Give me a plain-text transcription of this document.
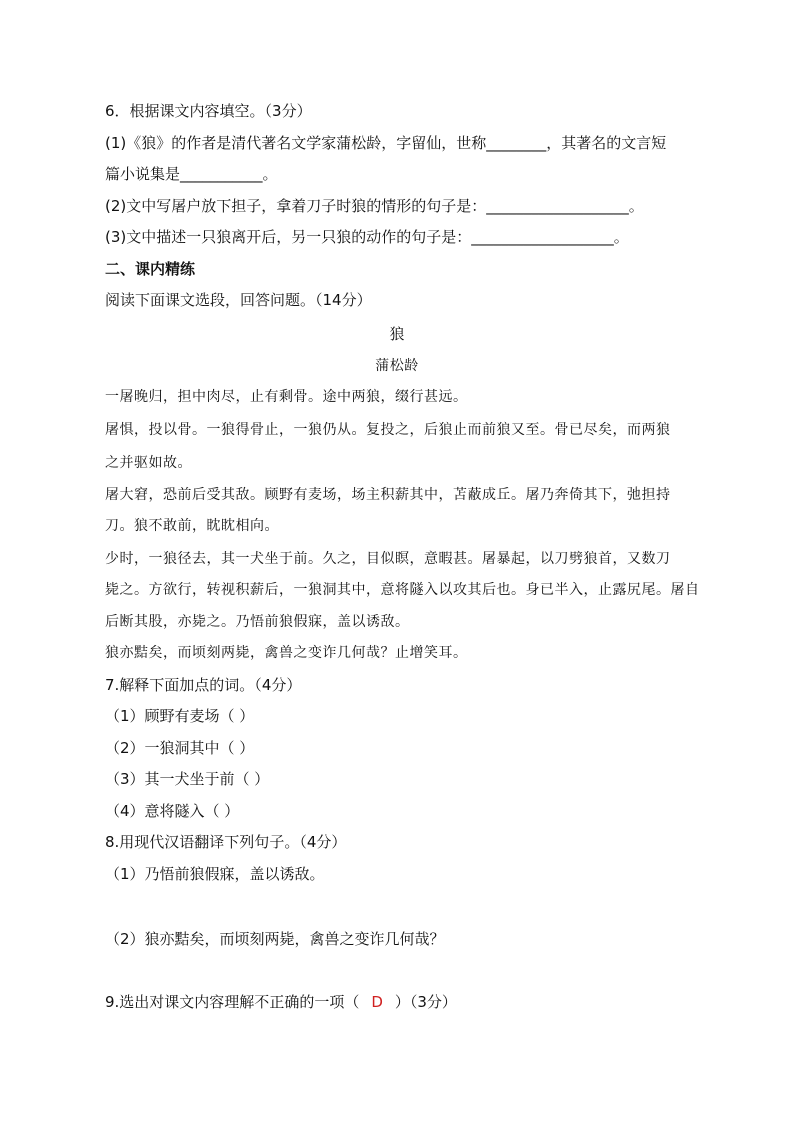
6．根据课文内容填空。（3分）
(1)《狼》的作者是清代著名文学家蒲松龄，字留仙，世称________，其著名的文言短
篇小说集是___________。
(2)文中写屠户放下担子，拿着刀子时狼的情形的句子是：___________________。
(3)文中描述一只狼离开后，另一只狼的动作的句子是：___________________。
二、课内精练
阅读下面课文选段，回答问题。（14分）
狼
蒲松龄
一屠晚归，担中肉尽，止有剩骨。途中两狼，缀行甚远。
屠惧，投以骨。一狼得骨止，一狼仍从。复投之，后狼止而前狼又至。骨已尽矣，而两狼
之并驱如故。
屠大窘，恐前后受其敌。顾野有麦场，场主积薪其中，苫蔽成丘。屠乃奔倚其下，弛担持
刀。狼不敢前，眈眈相向。
少时，一狼径去，其一犬坐于前。久之，目似瞑，意暇甚。屠暴起，以刀劈狼首，又数刀
毙之。方欲行，转视积薪后，一狼洞其中，意将隧入以攻其后也。身已半入，止露尻尾。屠自
后断其股，亦毙之。乃悟前狼假寐，盖以诱敌。
狼亦黠矣，而顷刻两毙，禽兽之变诈几何哉？止增笑耳。
7.解释下面加点的词。（4分）
（1）顾野有麦场（ ）
（2）一狼洞其中（ ）
（3）其一犬坐于前（ ）
（4）意将隧入（ ）
8.用现代汉语翻译下列句子。（4分）
（1）乃悟前狼假寐，盖以诱敌。
（2）狼亦黠矣，而顷刻两毙，禽兽之变诈几何哉？
9.选出对课文内容理解不正确的一项（ D ）（3分）
